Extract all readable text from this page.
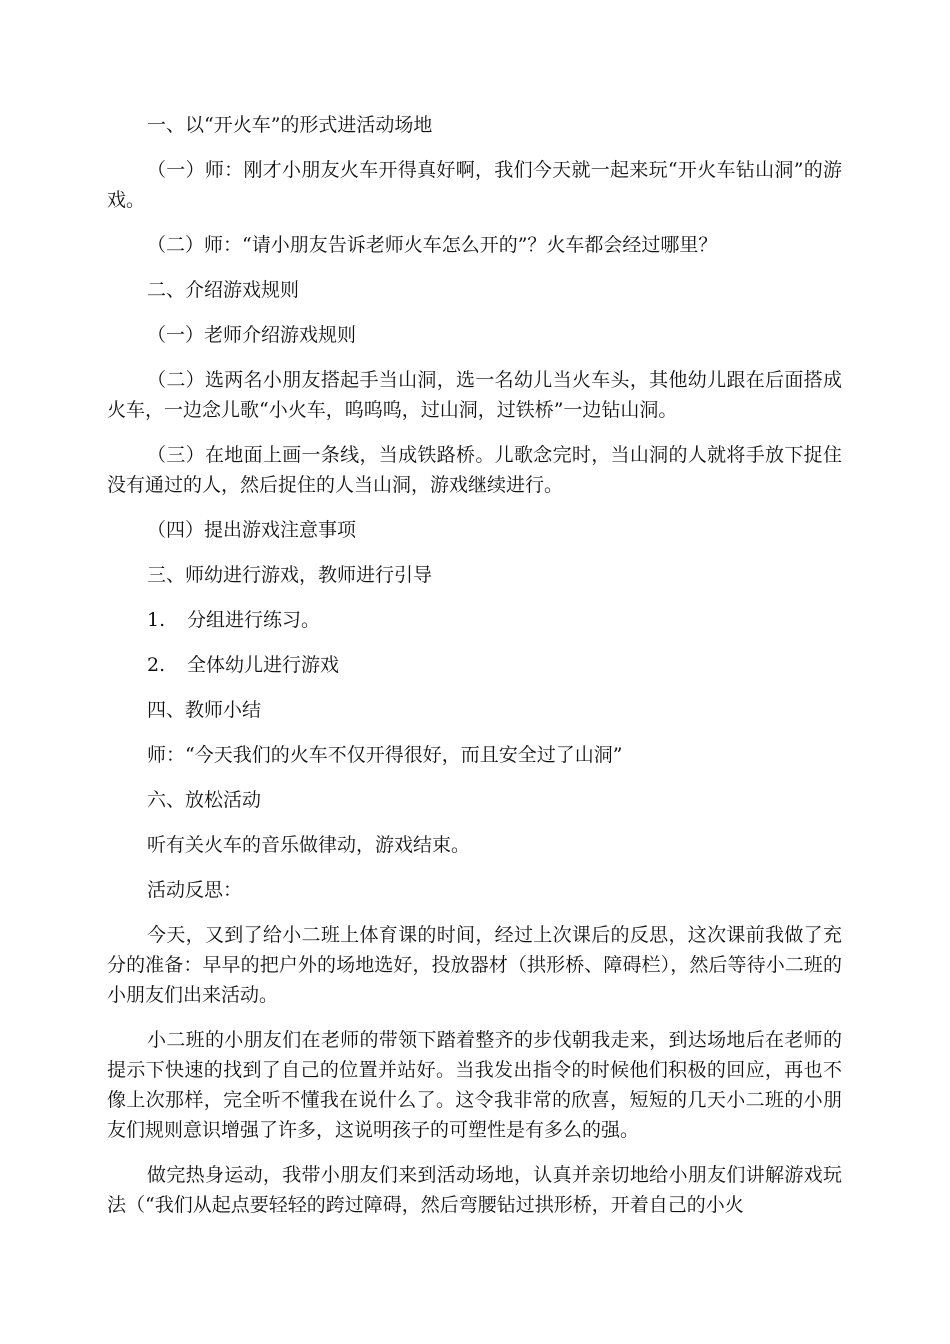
一、以“开火车”的形式进活动场地

（一）师：刚才小朋友火车开得真好啊，我们今天就一起来玩“开火车钻山洞”的游戏。

（二）师：“请小朋友告诉老师火车怎么开的”？火车都会经过哪里？

二、介绍游戏规则

（一）老师介绍游戏规则

（二）选两名小朋友搭起手当山洞，选一名幼儿当火车头，其他幼儿跟在后面搭成火车，一边念儿歌“小火车，呜呜呜，过山洞，过铁桥”一边钻山洞。

（三）在地面上画一条线，当成铁路桥。儿歌念完时，当山洞的人就将手放下捉住没有通过的人，然后捉住的人当山洞，游戏继续进行。

（四）提出游戏注意事项

三、师幼进行游戏，教师进行引导

1. 分组进行练习。

2. 全体幼儿进行游戏

四、教师小结

师：“今天我们的火车不仅开得很好，而且安全过了山洞”

六、放松活动

听有关火车的音乐做律动，游戏结束。

活动反思：

今天，又到了给小二班上体育课的时间，经过上次课后的反思，这次课前我做了充分的准备：早早的把户外的场地选好，投放器材（拱形桥、障碍栏），然后等待小二班的小朋友们出来活动。

小二班的小朋友们在老师的带领下踏着整齐的步伐朝我走来，到达场地后在老师的提示下快速的找到了自己的位置并站好。当我发出指令的时候他们积极的回应，再也不像上次那样，完全听不懂我在说什么了。这令我非常的欣喜，短短的几天小二班的小朋友们规则意识增强了许多，这说明孩子的可塑性是有多么的强。

做完热身运动，我带小朋友们来到活动场地，认真并亲切地给小朋友们讲解游戏玩法（“我们从起点要轻轻的跨过障碍，然后弯腰钻过拱形桥，开着自己的小火
